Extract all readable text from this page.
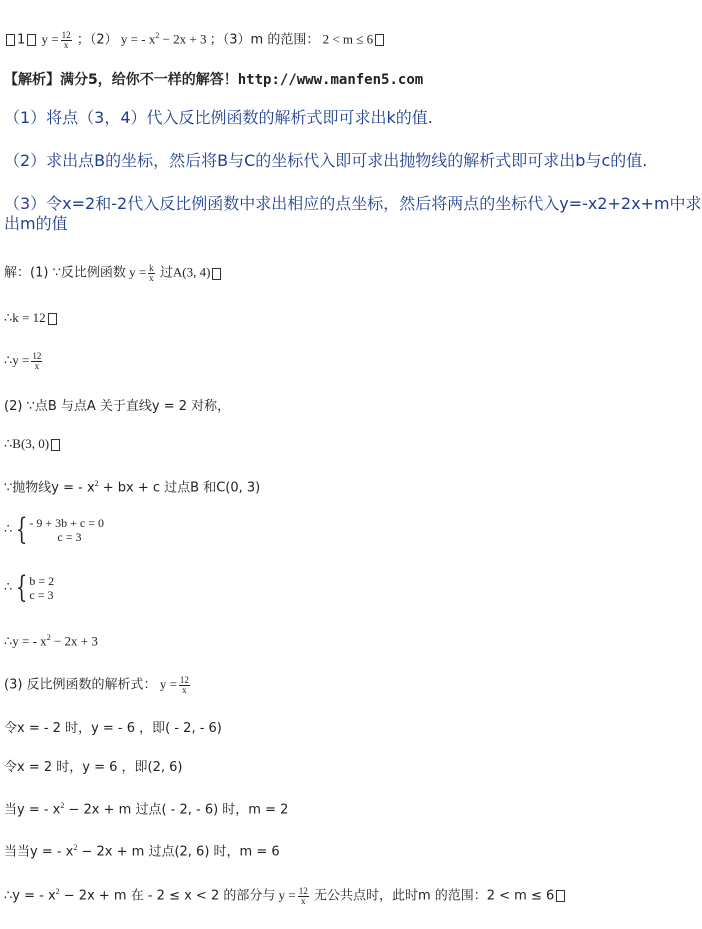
1 $y = \frac{12}{x}$ ；（2） y = - $x^2 - 2x + 3$ ；（3）m 的范围： 2 < m ≤ 6
【解析】满分5，给你不一样的解答！http://www.manfen5.com
（1）将点（3，4）代入反比例函数的解析式即可求出k的值.
（2）求出点B的坐标，然后将B与C的坐标代入即可求出抛物线的解析式即可求出b与c的值.
（3）令x=2和-2代入反比例函数中求出相应的点坐标，然后将两点的坐标代入y=-x2+2x+m中求
出m的值
解：(1) ∵反比例函数 $y = \frac{k}{x}$ 过A(3, 4)
∴k = 12
∴y = $\frac{12}{x}$
(2) ∵点B 与点A 关于直线y = 2 对称，
∴B(3, 0)
∵抛物线y = - $x^2$ + bx + c 过点B 和C(0, 3)
∴ { - 9 + 3b + c = 0
c = 3
∴ { b = 2
c = 3
∴y = - $x^2 - 2x + 3$
(3) 反比例函数的解析式： $y = \frac{12}{x}$
令x = - 2 时，y = - 6 ，即( - 2, - 6)
令x = 2 时，y = 6 ，即(2, 6)
当y = - $x^2 - 2x + m$ 过点( - 2, - 6) 时，m = 2
当当y = - $x^2 - 2x + m$ 过点(2, 6) 时，m = 6
∴y = - $x^2 - 2x + m$ 在 - 2 ≤ x < 2 的部分与 $y = \frac{12}{x}$ 无公共点时，此时m 的范围：2 < m ≤ 6
